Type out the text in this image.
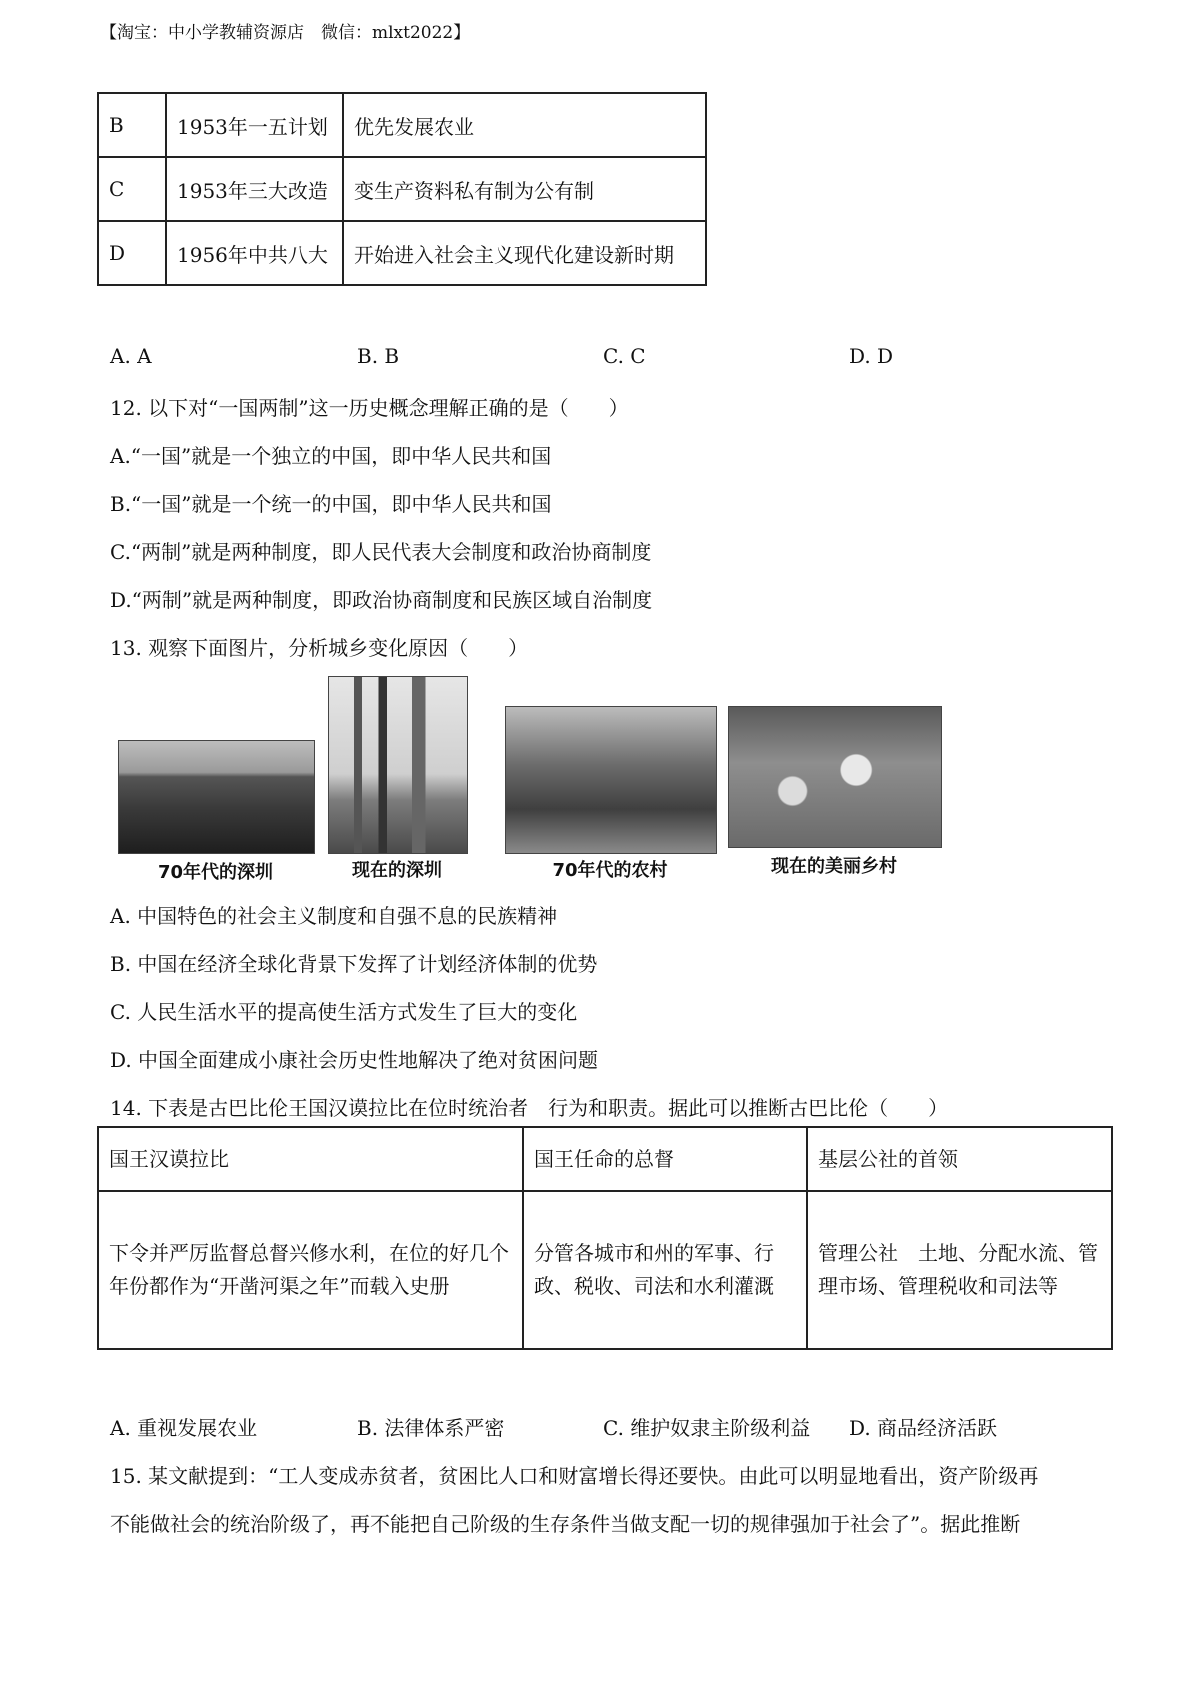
【淘宝：中小学教辅资源店　微信：mlxt2022】
B	1953年一五计划	优先发展农业
C	1953年三大改造	变生产资料私有制为公有制
D	1956年中共八大	开始进入社会主义现代化建设新时期
A. A	B. B	C. C	D. D
12. 以下对“一国两制”这一历史概念理解正确的是（　　）
A.“一国”就是一个独立的中国，即中华人民共和国
B.“一国”就是一个统一的中国，即中华人民共和国
C.“两制”就是两种制度，即人民代表大会制度和政治协商制度
D.“两制”就是两种制度，即政治协商制度和民族区域自治制度
13. 观察下面图片，分析城乡变化原因（　　）
70年代的深圳	现在的深圳	70年代的农村	现在的美丽乡村
A. 中国特色的社会主义制度和自强不息的民族精神
B. 中国在经济全球化背景下发挥了计划经济体制的优势
C. 人民生活水平的提高使生活方式发生了巨大的变化
D. 中国全面建成小康社会历史性地解决了绝对贫困问题
14. 下表是古巴比伦王国汉谟拉比在位时统治者　行为和职责。据此可以推断古巴比伦（　　）
国王汉谟拉比	国王任命的总督	基层公社的首领
下令并严厉监督总督兴修水利，在位的好几个年份都作为“开凿河渠之年”而载入史册	分管各城市和州的军事、行政、税收、司法和水利灌溉	管理公社　土地、分配水流、管理市场、管理税收和司法等
A. 重视发展农业	B. 法律体系严密	C. 维护奴隶主阶级利益 D. 商品经济活跃
15. 某文献提到：“工人变成赤贫者，贫困比人口和财富增长得还要快。由此可以明显地看出，资产阶级再
不能做社会的统治阶级了，再不能把自己阶级的生存条件当做支配一切的规律强加于社会了”。据此推断
